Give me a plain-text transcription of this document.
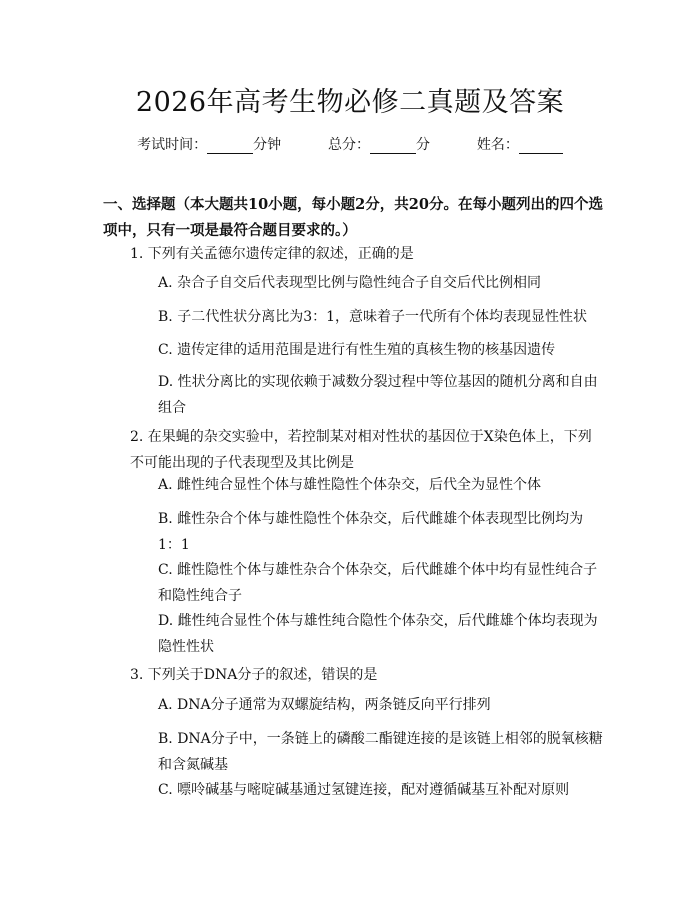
2026年高考生物必修二真题及答案
考试时间：	分钟	总分：	分	姓名：
一、选择题（本大题共10小题，每小题2分，共20分。在每小题列出的四个选项中，只有一项是最符合题目要求的。）
1. 下列有关孟德尔遗传定律的叙述，正确的是
A. 杂合子自交后代表现型比例与隐性纯合子自交后代比例相同
B. 子二代性状分离比为3：1，意味着子一代所有个体均表现显性性状
C. 遗传定律的适用范围是进行有性生殖的真核生物的核基因遗传
D. 性状分离比的实现依赖于减数分裂过程中等位基因的随机分离和自由组合
2. 在果蝇的杂交实验中，若控制某对相对性状的基因位于X染色体上，下列不可能出现的子代表现型及其比例是
A. 雌性纯合显性个体与雄性隐性个体杂交，后代全为显性个体
B. 雌性杂合个体与雄性隐性个体杂交，后代雌雄个体表现型比例均为1：1
C. 雌性隐性个体与雄性杂合个体杂交，后代雌雄个体中均有显性纯合子和隐性纯合子
D. 雌性纯合显性个体与雄性纯合隐性个体杂交，后代雌雄个体均表现为隐性性状
3. 下列关于DNA分子的叙述，错误的是
A. DNA分子通常为双螺旋结构，两条链反向平行排列
B. DNA分子中，一条链上的磷酸二酯键连接的是该链上相邻的脱氧核糖和含氮碱基
C. 嘌呤碱基与嘧啶碱基通过氢键连接，配对遵循碱基互补配对原则
